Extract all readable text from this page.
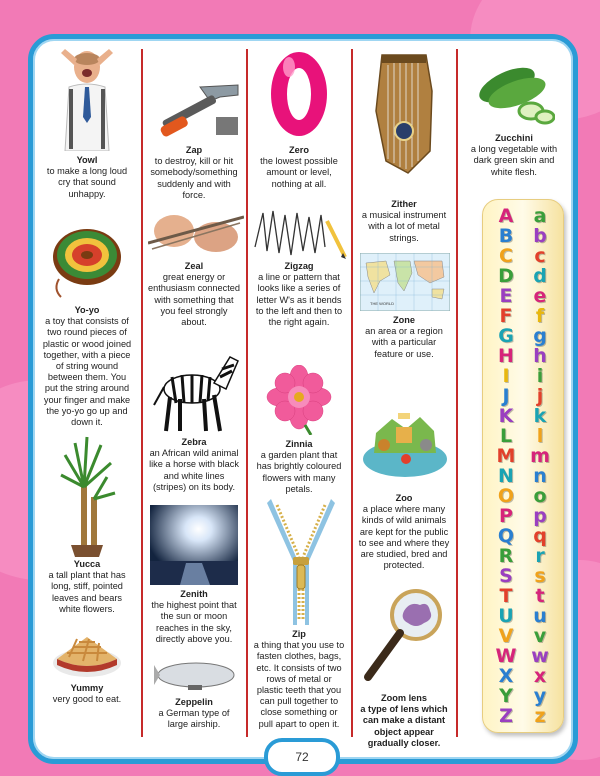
Yowl
to make a long loud cry that sound unhappy.
Yo-yo
a toy that consists of two round pieces of plastic or wood joined together, with a piece of string wound between them. You put the string around your finger and make the yo-yo go up and down it.
Yucca
a tall plant that has long, stiff, pointed leaves and bears white flowers.
Yummy
very good to eat.
Zap
to destroy, kill or hit somebody/something suddenly and with force.
Zeal
great energy or enthusiasm connected with something that you feel strongly about.
Zebra
an African wild animal like a horse with black and white lines (stripes) on its body.
Zenith
the highest point that the sun or moon reaches in the sky, directly above you.
Zeppelin
a German type of large airship.
Zero
the lowest possible amount or level, nothing at all.
Zigzag
a line or pattern that looks like a series of letter W's as it bends to the left and then to the right again.
Zinnia
a garden plant that has brightly coloured flowers with many petals.
Zip
a thing that you use to fasten clothes, bags, etc. It consists of two rows of metal or plastic teeth that you can pull together to close something or pull apart to open it.
Zither
a musical instrument with a lot of metal strings.
THE WORLD
Zone
an area or a region with a particular feature or use.
Zoo
a place where many kinds of wild animals are kept for the public to see and where they are studied, bred and protected.
Zoom lens
a type of lens which can make a distant object appear gradually closer.
Zucchini
a long vegetable with dark green skin and white flesh.
A	a
B	b
C	c
D	d
E	e
F	f
G	g
H	h
I	i
J	j
K	k
L	l
M m
N	n
O	o
P	p
Q	q
R	r
S	s
T	t
U	u
V	v
W w
X	x
Y	y
Z	z
72
